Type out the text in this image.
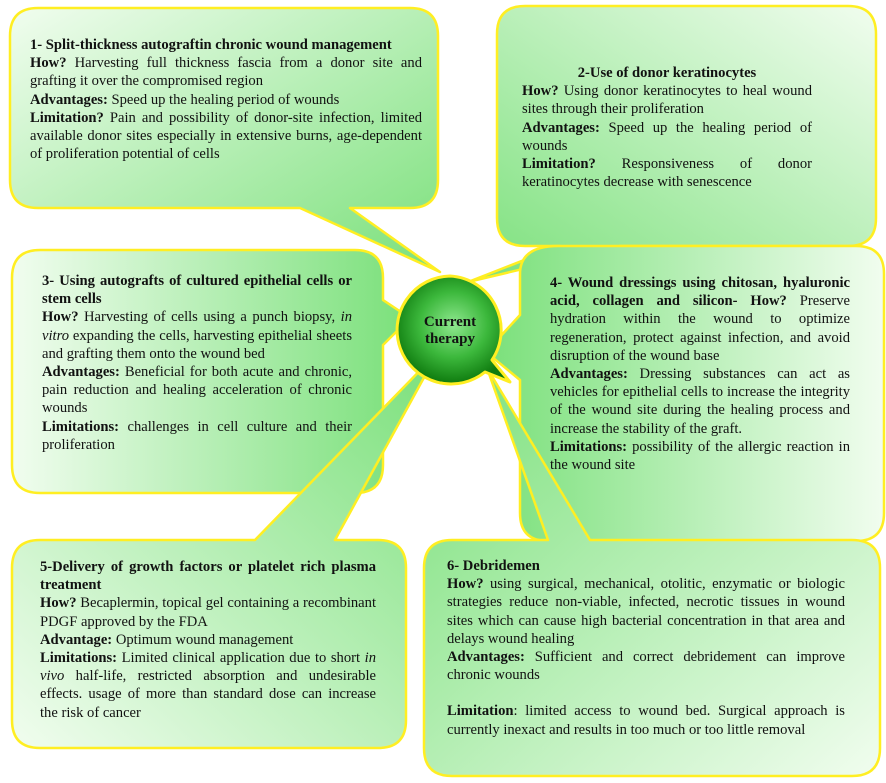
Current
therapy

1- Split-thickness autograftin chronic wound management

How? Harvesting full thickness fascia from a donor site and grafting it over the compromised region

Advantages: Speed up the healing period of wounds

Limitation? Pain and possibility of donor-site infection, limited available donor sites especially in extensive burns, age-dependent of proliferation potential of cells

2-Use of donor keratinocytes

How? Using donor keratinocytes to heal wound sites through their proliferation

Advantages: Speed up the healing period of wounds

Limitation? Responsiveness of donor keratinocytes decrease with senescence

3- Using autografts of cultured epithelial cells or stem cells

How? Harvesting of cells using a punch biopsy, in vitro expanding the cells, harvesting epithelial sheets and grafting them onto the wound bed

Advantages: Beneficial for both acute and chronic, pain reduction and healing acceleration of chronic wounds

Limitations: challenges in cell culture and their proliferation

4- Wound dressings using chitosan, hyaluronic acid, collagen and silicon- How? Preserve hydration within the wound to optimize regeneration, protect against infection, and avoid disruption of the wound base

Advantages: Dressing substances can act as vehicles for epithelial cells to increase the integrity of the wound site during the healing process and increase the stability of the graft.

Limitations: possibility of the allergic reaction in the wound site

5-Delivery of growth factors or platelet rich plasma treatment

How? Becaplermin, topical gel containing a recombinant PDGF approved by the FDA

Advantage: Optimum wound management

Limitations: Limited clinical application due to short in vivo half-life, restricted absorption and undesirable effects. usage of more than standard dose can increase the risk of cancer

6- Debridemen

How? using surgical, mechanical, otolitic, enzymatic or biologic strategies reduce non-viable, infected, necrotic tissues in wound sites which can cause high bacterial concentration in that area and delays wound healing

Advantages: Sufficient and correct debridement can improve chronic wounds

Limitation: limited access to wound bed. Surgical approach is currently inexact and results in too much or too little removal
